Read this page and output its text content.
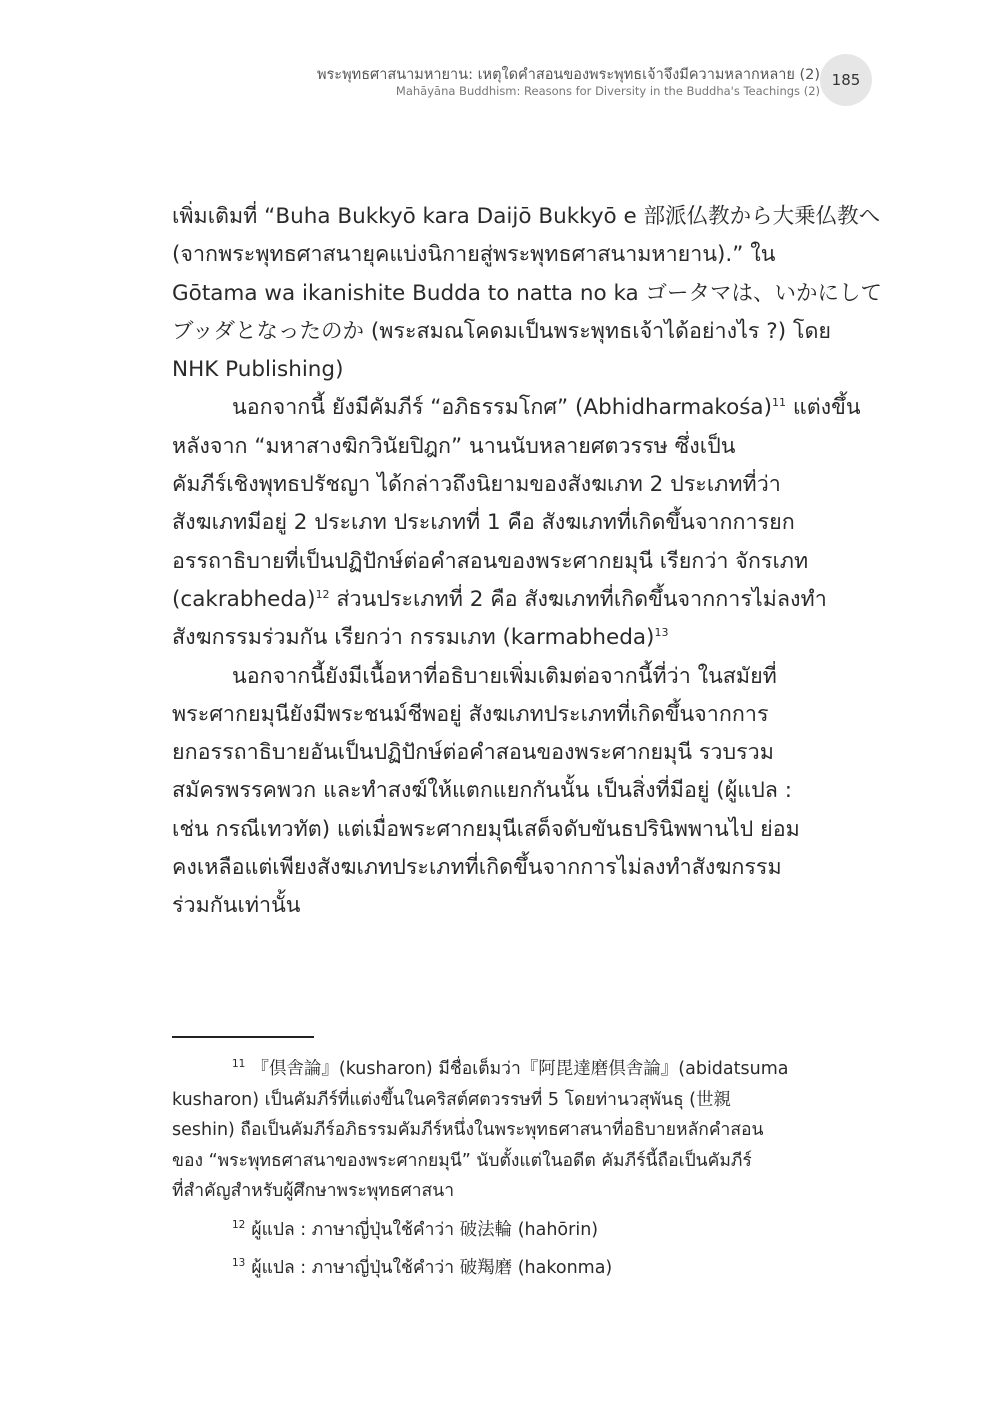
พระพุทธศาสนามหายาน: เหตุใดคำสอนของพระพุทธเจ้าจึงมีความหลากหลาย (2)
Mahāyāna Buddhism: Reasons for Diversity in the Buddha's Teachings (2)
185
เพิ่มเติมที่ “Buha Bukkyō kara Daijō Bukkyō e 部派仏教から大乗仏教へ
(จากพระพุทธศาสนายุคแบ่งนิกายสู่พระพุทธศาสนามหายาน).” ใน
Gōtama wa ikanishite Budda to natta no ka ゴータマは、いかにして
ブッダとなったのか (พระสมณโคดมเป็นพระพุทธเจ้าได้อย่างไร ?) โดย
NHK Publishing)
นอกจากนี้ ยังมีคัมภีร์ “อภิธรรมโกศ” (Abhidharmakośa)$^{11}$ แต่งขึ้น
หลังจาก “มหาสางฆิกวินัยปิฎก” นานนับหลายศตวรรษ ซึ่งเป็น
คัมภีร์เชิงพุทธปรัชญา ได้กล่าวถึงนิยามของสังฆเภท 2 ประเภทที่ว่า
สังฆเภทมีอยู่ 2 ประเภท ประเภทที่ 1 คือ สังฆเภทที่เกิดขึ้นจากการยก
อรรถาธิบายที่เป็นปฏิปักษ์ต่อคำสอนของพระศากยมุนี เรียกว่า จักรเภท
(cakrabheda)$^{12}$ ส่วนประเภทที่ 2 คือ สังฆเภทที่เกิดขึ้นจากการไม่ลงทำ
สังฆกรรมร่วมกัน เรียกว่า กรรมเภท (karmabheda)$^{13}$
นอกจากนี้ยังมีเนื้อหาที่อธิบายเพิ่มเติมต่อจากนี้ที่ว่า ในสมัยที่
พระศากยมุนียังมีพระชนม์ชีพอยู่ สังฆเภทประเภทที่เกิดขึ้นจากการ
ยกอรรถาธิบายอันเป็นปฏิปักษ์ต่อคำสอนของพระศากยมุนี รวบรวม
สมัครพรรคพวก และทำสงฆ์ให้แตกแยกกันนั้น เป็นสิ่งที่มีอยู่ (ผู้แปล :
เช่น กรณีเทวทัต) แต่เมื่อพระศากยมุนีเสด็จดับขันธปรินิพพานไป ย่อม
คงเหลือแต่เพียงสังฆเภทประเภทที่เกิดขึ้นจากการไม่ลงทำสังฆกรรม
ร่วมกันเท่านั้น
$^{11}$ 『倶舎論』(kusharon) มีชื่อเต็มว่า『阿毘達磨倶舎論』(abidatsuma
kusharon) เป็นคัมภีร์ที่แต่งขึ้นในคริสต์ศตวรรษที่ 5 โดยท่านวสุพันธุ (世親
seshin) ถือเป็นคัมภีร์อภิธรรมคัมภีร์หนึ่งในพระพุทธศาสนาที่อธิบายหลักคำสอน
ของ “พระพุทธศาสนาของพระศากยมุนี” นับตั้งแต่ในอดีต คัมภีร์นี้ถือเป็นคัมภีร์
ที่สำคัญสำหรับผู้ศึกษาพระพุทธศาสนา
$^{12}$ ผู้แปล : ภาษาญี่ปุ่นใช้คำว่า 破法輪 (hahōrin)
$^{13}$ ผู้แปล : ภาษาญี่ปุ่นใช้คำว่า 破羯磨 (hakonma)
